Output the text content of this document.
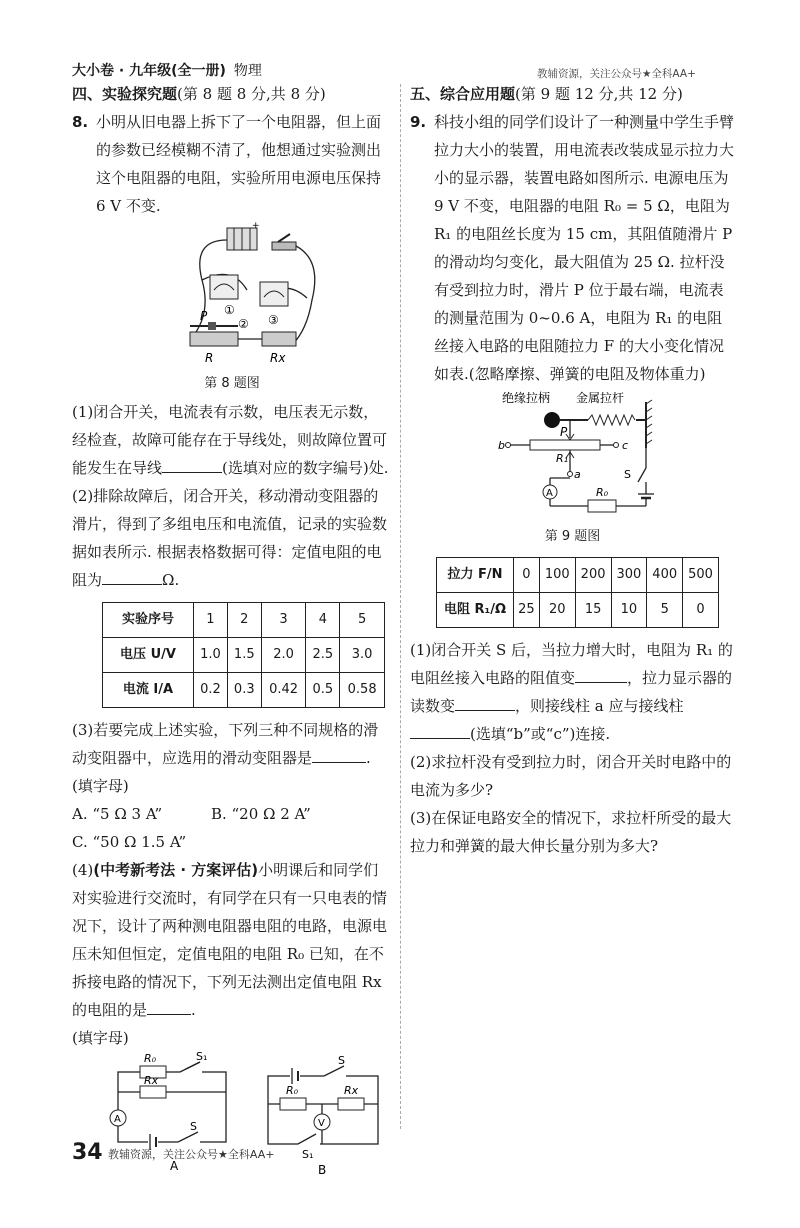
大小卷 · 九年级(全一册) 物理	教辅资源，关注公众号★全科AA+
四、实验探究题(第 8 题 8 分,共 8 分)
8. 小明从旧电器上拆下了一个电阻器，但上面的参数已经模糊不清了，他想通过实验测出这个电阻器的电阻，实验所用电源电压保持 6 V 不变.

+
P
R	Rx
①
② ③
第 8 题图

(1)闭合开关，电流表有示数，电压表无示数，经检查，故障可能存在于导线处，则故障位置可能发生在导线	(选填对应的数字编号)处.

(2)排除故障后，闭合开关，移动滑动变阻器的滑片，得到了多组电压和电流值，记录的实验数据如表所示. 根据表格数据可得：定值电阻的电阻为	Ω.

实验序号	1	2	3	4	5
电压 U/V	1.0	1.5	2.0	2.5	3.0
电流 I/A	0.2	0.3	0.42	0.5	0.58

(3)若要完成上述实验，下列三种不同规格的滑动变阻器中，应选用的滑动变阻器是	. (填字母)

A. “5 Ω 3 A”	B. “20 Ω 2 A”
C. “50 Ω 1.5 A”

(4)(中考新考法 · 方案评估)小明课后和同学们对实验进行交流时，有同学在只有一只电表的情况下，设计了两种测电阻器电阻的电路，电源电压未知但恒定，定值电阻的电阻 R₀ 已知，在不拆接电路的情况下，下列无法测出定值电阻 Rx 的电阻的是	.
(填字母)

R₀
Rx
S₁
A
S
A
S
R₀	Rx
V
S₁
B
五、综合应用题(第 9 题 12 分,共 12 分)
9. 科技小组的同学们设计了一种测量中学生手臂拉力大小的装置，用电流表改装成显示拉力大小的显示器，装置电路如图所示. 电源电压为 9 V 不变，电阻器的电阻 R₀ = 5 Ω，电阻为 R₁ 的电阻丝长度为 15 cm，其阻值随滑片 P 的滑动均匀变化，最大阻值为 25 Ω. 拉杆没有受到拉力时，滑片 P 位于最右端，电流表的测量范围为 0~0.6 A，电阻为 R₁ 的电阻丝接入电路的电阻随拉力 F 的大小变化情况如表.(忽略摩擦、弹簧的电阻及物体重力)

绝缘拉柄 金属拉杆
P
R₁
b	c
a
A	R₀
S
第 9 题图
拉力 F/N	0	100	200	300	400	500
电阻 R₁/Ω	25	20	15	10	5	0

(1)闭合开关 S 后，当拉力增大时，电阻为 R₁ 的电阻丝接入电路的阻值变	，拉力显示器的读数变	，则接线柱 a 应与接线柱(选填“b”或“c”)连接.

(2)求拉杆没有受到拉力时，闭合开关时电路中的电流为多少?

(3)在保证电路安全的情况下，求拉杆所受的最大拉力和弹簧的最大伸长量分别为多大?

34 教辅资源，关注公众号★全科AA+
